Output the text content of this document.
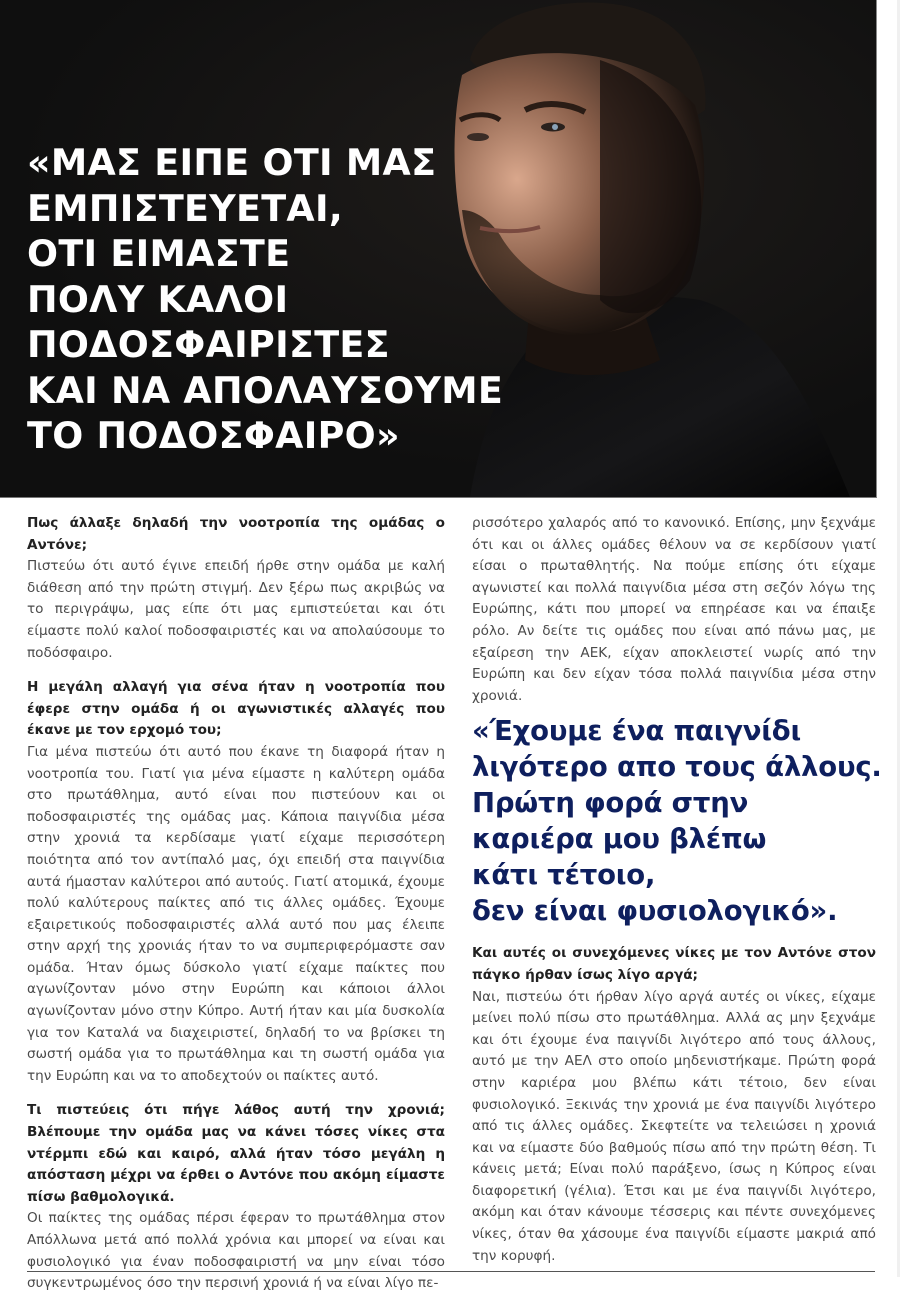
«ΜΑΣ ΕΙΠΕ ΟΤΙ ΜΑΣ
ΕΜΠΙΣΤΕΥΕΤΑΙ,
ΟΤΙ ΕΙΜΑΣΤΕ
ΠΟΛΥ ΚΑΛΟΙ
ΠΟΔΟΣΦΑΙΡΙΣΤΕΣ
ΚΑΙ ΝΑ ΑΠΟΛΑΥΣΟΥΜΕ
ΤΟ ΠΟΔΟΣΦΑΙΡΟ»

Πως άλλαξε δηλαδή την νοοτροπία της ομάδας ο Αντόνε;

Πιστεύω ότι αυτό έγινε επειδή ήρθε στην ομάδα με καλή διάθεση από την πρώτη στιγμή. Δεν ξέρω πως ακριβώς να το περιγράψω, μας είπε ότι μας εμπιστεύεται και ότι είμαστε πολύ καλοί ποδοσφαιριστές και να απολαύσουμε το ποδόσφαιρο.

Η μεγάλη αλλαγή για σένα ήταν η νοοτροπία που έφερε στην ομάδα ή οι αγωνιστικές αλλαγές που έκανε με τον ερχομό του;

Για μένα πιστεύω ότι αυτό που έκανε τη διαφορά ήταν η νοοτροπία του. Γιατί για μένα είμαστε η καλύτερη ομάδα στο πρωτάθλημα, αυτό είναι που πιστεύουν και οι ποδοσφαιριστές της ομάδας μας. Κάποια παιγνίδια μέσα στην χρονιά τα κερδίσαμε γιατί είχαμε περισσότερη ποιότητα από τον αντίπαλό μας, όχι επειδή στα παιγνίδια αυτά ήμασταν καλύτεροι από αυτούς. Γιατί ατομικά, έχουμε πολύ καλύτερους παίκτες από τις άλλες ομάδες. Έχουμε εξαιρετικούς ποδοσφαιριστές αλλά αυτό που μας έλειπε στην αρχή της χρονιάς ήταν το να συμπεριφερόμαστε σαν ομάδα. Ήταν όμως δύσκολο γιατί είχαμε παίκτες που αγωνίζονταν μόνο στην Ευρώπη και κάποιοι άλλοι αγωνίζονταν μόνο στην Κύπρο. Αυτή ήταν και μία δυσκολία για τον Καταλά να διαχειριστεί, δηλαδή το να βρίσκει τη σωστή ομάδα για το πρωτάθλημα και τη σωστή ομάδα για την Ευρώπη και να το αποδεχτούν οι παίκτες αυτό.

Τι πιστεύεις ότι πήγε λάθος αυτή την χρονιά; Βλέπουμε την ομάδα μας να κάνει τόσες νίκες στα ντέρμπι εδώ και καιρό, αλλά ήταν τόσο μεγάλη η απόσταση μέχρι να έρθει ο Αντόνε που ακόμη είμαστε πίσω βαθμολογικά.

Οι παίκτες της ομάδας πέρσι έφεραν το πρωτάθλημα στον Απόλλωνα μετά από πολλά χρόνια και μπορεί να είναι και φυσιολογικό για έναν ποδοσφαιριστή να μην είναι τόσο συγκεντρωμένος όσο την περσινή χρονιά ή να είναι λίγο πε-

ρισσότερο χαλαρός από το κανονικό. Επίσης, μην ξεχνάμε ότι και οι άλλες ομάδες θέλουν να σε κερδίσουν γιατί είσαι ο πρωταθλητής. Να πούμε επίσης ότι είχαμε αγωνιστεί και πολλά παιγνίδια μέσα στη σεζόν λόγω της Ευρώπης, κάτι που μπορεί να επηρέασε και να έπαιξε ρόλο. Αν δείτε τις ομάδες που είναι από πάνω μας, με εξαίρεση την ΑΕΚ, είχαν αποκλειστεί νωρίς από την Ευρώπη και δεν είχαν τόσα πολλά παιγνίδια μέσα στην χρονιά.

«Έχουμε ένα παιγνίδι
λιγότερο απο τους άλλους.
Πρώτη φορά στην
καριέρα μου βλέπω
κάτι τέτοιο,
δεν είναι φυσιολογικό».

Και αυτές οι συνεχόμενες νίκες με τον Αντόνε στον πάγκο ήρθαν ίσως λίγο αργά;

Ναι, πιστεύω ότι ήρθαν λίγο αργά αυτές οι νίκες, είχαμε μείνει πολύ πίσω στο πρωτάθλημα. Αλλά ας μην ξεχνάμε και ότι έχουμε ένα παιγνίδι λιγότερο από τους άλλους, αυτό με την ΑΕΛ στο οποίο μηδενιστήκαμε. Πρώτη φορά στην καριέρα μου βλέπω κάτι τέτοιο, δεν είναι φυσιολογικό. Ξεκινάς την χρονιά με ένα παιγνίδι λιγότερο από τις άλλες ομάδες. Σκεφτείτε να τελειώσει η χρονιά και να είμαστε δύο βαθμούς πίσω από την πρώτη θέση. Τι κάνεις μετά; Είναι πολύ παράξενο, ίσως η Κύπρος είναι διαφορετική (γέλια). Έτσι και με ένα παιγνίδι λιγότερο, ακόμη και όταν κάνουμε τέσσερις και πέντε συνεχόμενες νίκες, όταν θα χάσουμε ένα παιγνίδι είμαστε μακριά από την κορυφή.
